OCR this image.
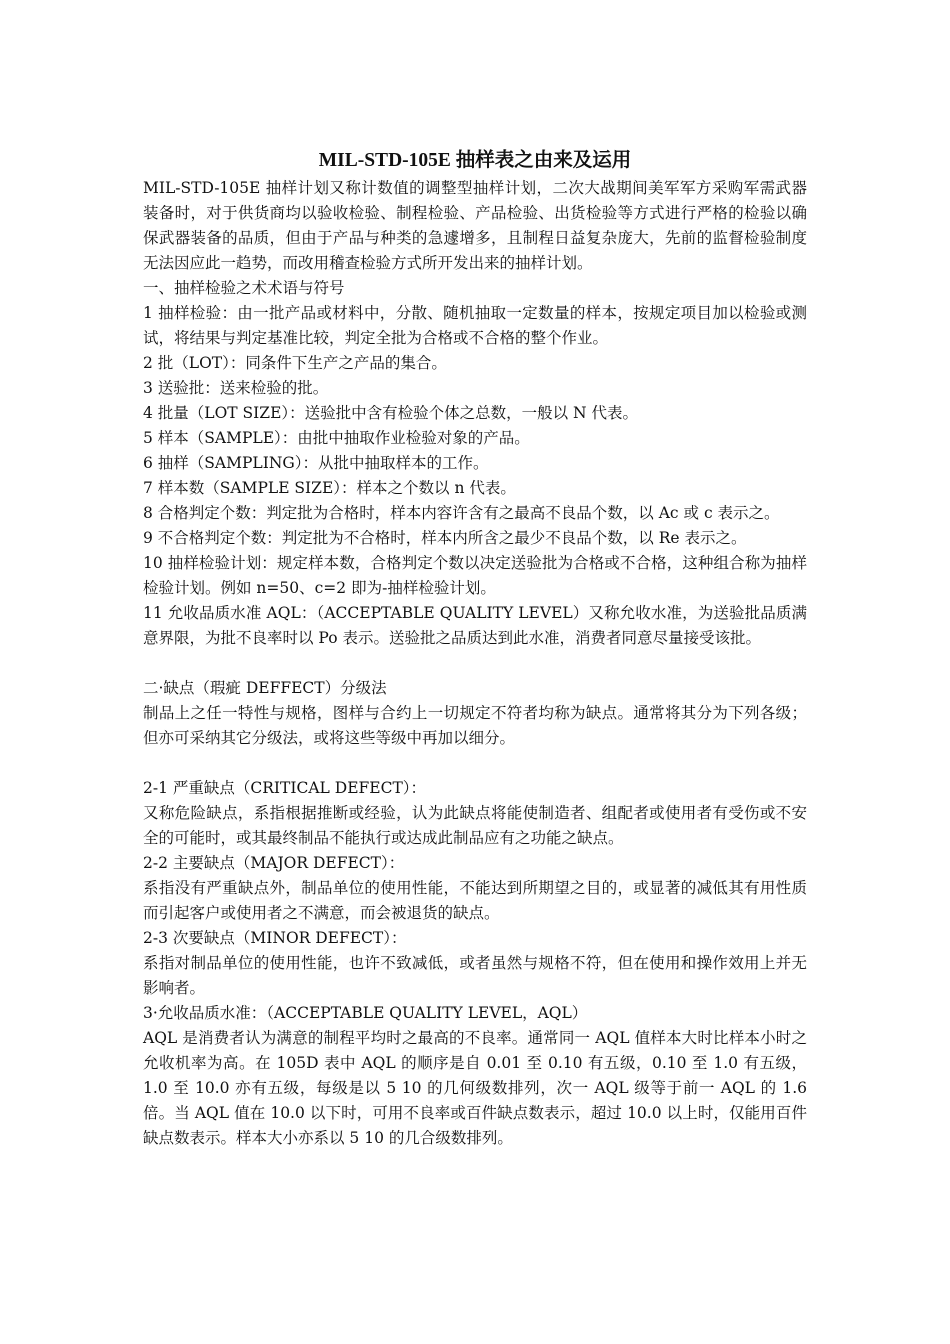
MIL-STD-105E 抽样表之由来及运用
MIL-STD-105E 抽样计划又称计数值的调整型抽样计划，二次大战期间美军军方采购军需武器装备时，对于供货商均以验收检验、制程检验、产品检验、出货检验等方式进行严格的检验以确保武器装备的品质，但由于产品与种类的急遽增多，且制程日益复杂庞大，先前的监督检验制度无法因应此一趋势，而改用稽查检验方式所开发出来的抽样计划。
一、抽样检验之术术语与符号
1 抽样检验：由一批产品或材料中，分散、随机抽取一定数量的样本，按规定项目加以检验或测试，将结果与判定基准比较，判定全批为合格或不合格的整个作业。
2 批（LOT）：同条件下生产之产品的集合。
3 送验批：送来检验的批。
4 批量（LOT SIZE）：送验批中含有检验个体之总数，一般以 N 代表。
5 样本（SAMPLE）：由批中抽取作业检验对象的产品。
6 抽样（SAMPLING）：从批中抽取样本的工作。
7 样本数（SAMPLE SIZE）：样本之个数以 n 代表。
8 合格判定个数：判定批为合格时，样本内容许含有之最高不良品个数，以 Ac 或 c 表示之。
9 不合格判定个数：判定批为不合格时，样本内所含之最少不良品个数，以 Re 表示之。
10 抽样检验计划：规定样本数，合格判定个数以决定送验批为合格或不合格，这种组合称为抽样检验计划。例如 n=50、c=2 即为-抽样检验计划。
11 允收品质水准 AQL：（ACCEPTABLE QUALITY LEVEL）又称允收水准，为送验批品质满意界限，为批不良率时以 Po 表示。送验批之品质达到此水准，消费者同意尽量接受该批。
二·缺点（瑕疵 DEFFECT）分级法
制品上之任一特性与规格，图样与合约上一切规定不符者均称为缺点。通常将其分为下列各级；但亦可采纳其它分级法，或将这些等级中再加以细分。
2-1 严重缺点（CRITICAL DEFECT）：
又称危险缺点，系指根据推断或经验，认为此缺点将能使制造者、组配者或使用者有受伤或不安全的可能时，或其最终制品不能执行或达成此制品应有之功能之缺点。
2-2 主要缺点（MAJOR DEFECT）：
系指没有严重缺点外，制品单位的使用性能，不能达到所期望之目的，或显著的减低其有用性质而引起客户或使用者之不满意，而会被退货的缺点。
2-3 次要缺点（MINOR DEFECT）：
系指对制品单位的使用性能，也许不致减低，或者虽然与规格不符，但在使用和操作效用上并无影响者。
3·允收品质水准：（ACCEPTABLE QUALITY LEVEL，AQL）
AQL 是消费者认为满意的制程平均时之最高的不良率。通常同一 AQL 值样本大时比样本小时之允收机率为高。在 105D 表中 AQL 的顺序是自 0.01 至 0.10 有五级，0.10 至 1.0 有五级，1.0 至 10.0 亦有五级，每级是以 5 10 的几何级数排列，次一 AQL 级等于前一 AQL 的 1.6 倍。当 AQL 值在 10.0 以下时，可用不良率或百件缺点数表示，超过 10.0 以上时，仅能用百件缺点数表示。样本大小亦系以 5 10 的几合级数排列。
